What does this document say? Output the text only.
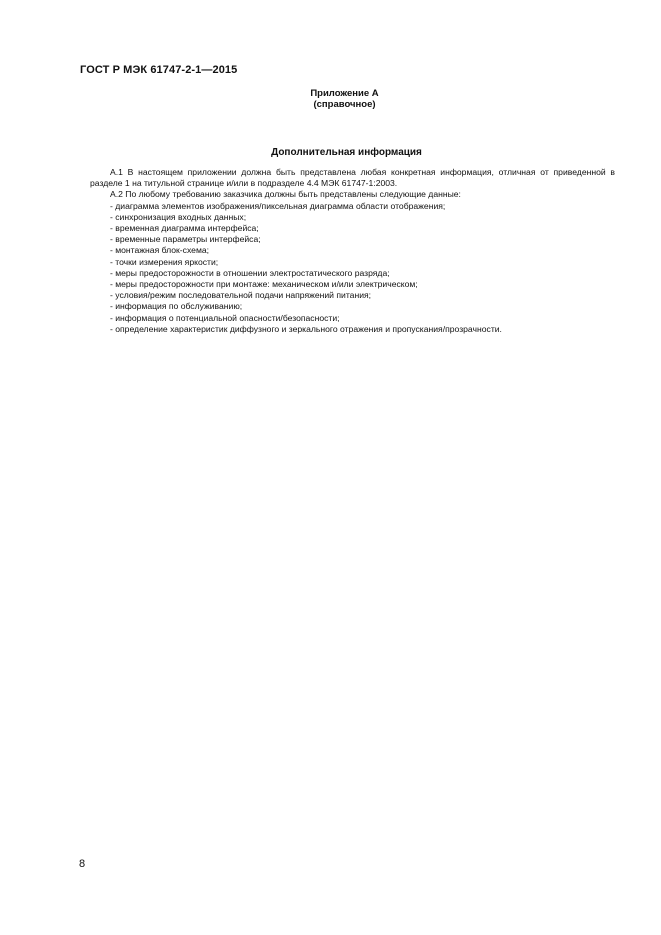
ГОСТ Р МЭК 61747-2-1—2015
Приложение А
(справочное)
Дополнительная информация

А.1 В настоящем приложении должна быть представлена любая конкретная информация, отличная от приведенной в разделе 1 на титульной странице и/или в подразделе 4.4 МЭК 61747-1:2003.

А.2 По любому требованию заказчика должны быть представлены следующие данные:

- диаграмма элементов изображения/пиксельная диаграмма области отображения;
- синхронизация входных данных;
- временная диаграмма интерфейса;
- временные параметры интерфейса;
- монтажная блок-схема;
- точки измерения яркости;
- меры предосторожности в отношении электростатического разряда;
- меры предосторожности при монтаже: механическом и/или электрическом;
- условия/режим последовательной подачи напряжений питания;
- информация по обслуживанию;
- информация о потенциальной опасности/безопасности;
- определение характеристик диффузного и зеркального отражения и пропускания/прозрачности.
8
